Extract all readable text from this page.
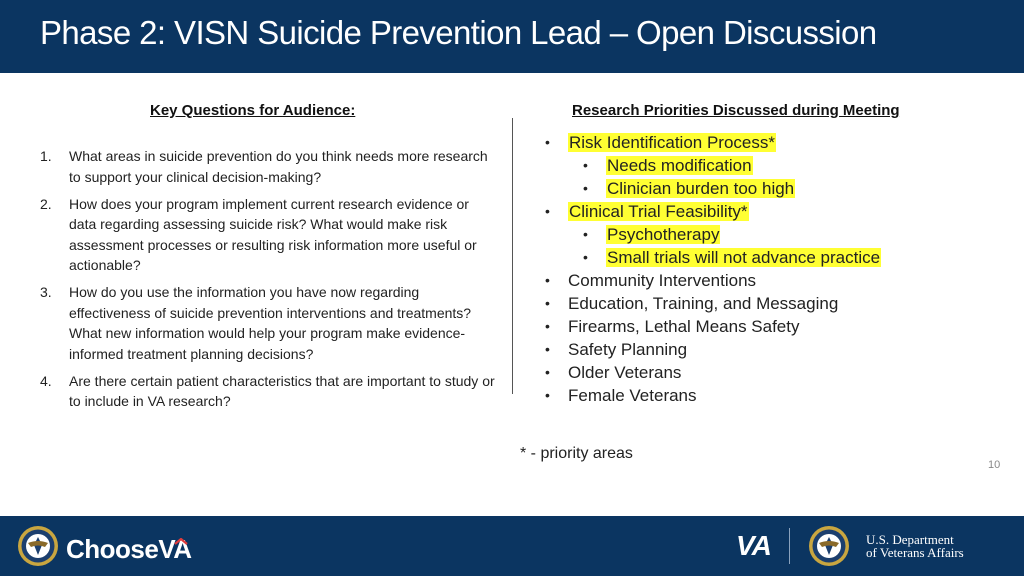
Phase 2: VISN Suicide Prevention Lead – Open Discussion
Key Questions for Audience:
1. What areas in suicide prevention do you think needs more research to support your clinical decision-making?
2. How does your program implement current research evidence or data regarding assessing suicide risk? What would make risk assessment processes or resulting risk information more useful or actionable?
3. How do you use the information you have now regarding effectiveness of suicide prevention interventions and treatments? What new information would help your program make evidence-informed treatment planning decisions?
4. Are there certain patient characteristics that are important to study or to include in VA research?
Research Priorities Discussed during Meeting
• Risk Identification Process*
• Needs modification
• Clinician burden too high
• Clinical Trial Feasibility*
• Psychotherapy
• Small trials will not advance practice
• Community Interventions
• Education, Training, and Messaging
• Firearms, Lethal Means Safety
• Safety Planning
• Older Veterans
• Female Veterans
* - priority areas
10
ChooseVA	VA	U.S. Department
of Veterans Affairs
